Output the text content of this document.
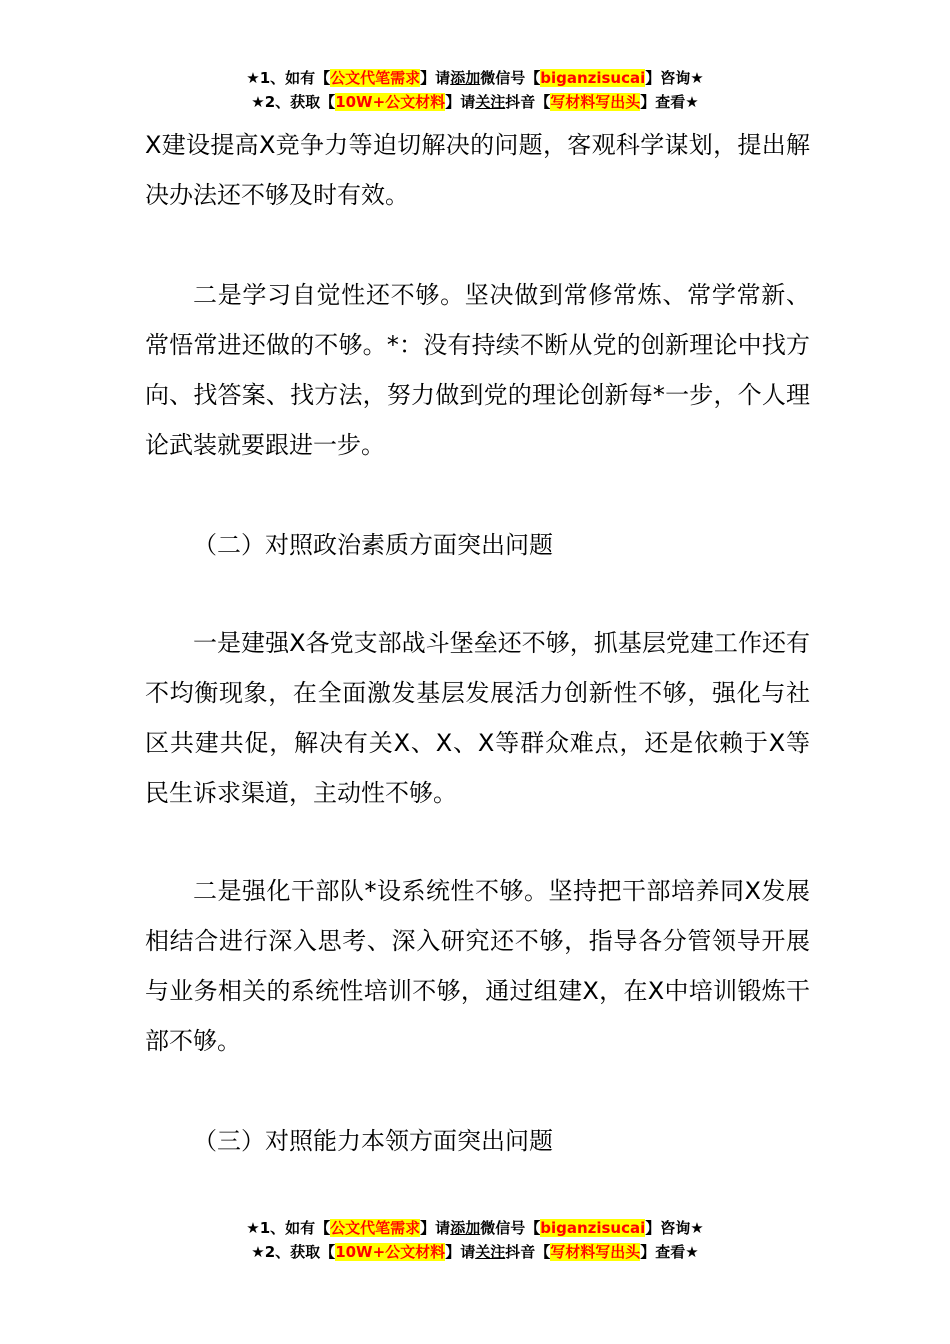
★1、如有【公文代笔需求】请添加微信号【biganzisucai】咨询★
★2、获取【10W+公文材料】请关注抖音【写材料写出头】查看★

X建设提高X竞争力等迫切解决的问题，客观科学谋划，提出解决办法还不够及时有效。

二是学习自觉性还不够。坚决做到常修常炼、常学常新、常悟常进还做的不够。*：没有持续不断从党的创新理论中找方向、找答案、找方法，努力做到党的理论创新每*一步，个人理论武装就要跟进一步。

（二）对照政治素质方面突出问题

一是建强X各党支部战斗堡垒还不够，抓基层党建工作还有不均衡现象，在全面激发基层发展活力创新性不够，强化与社区共建共促，解决有关X、X、X等群众难点，还是依赖于X等民生诉求渠道，主动性不够。

二是强化干部队*设系统性不够。坚持把干部培养同X发展相结合进行深入思考、深入研究还不够，指导各分管领导开展与业务相关的系统性培训不够，通过组建X，在X中培训锻炼干部不够。

（三）对照能力本领方面突出问题

★1、如有【公文代笔需求】请添加微信号【biganzisucai】咨询★
★2、获取【10W+公文材料】请关注抖音【写材料写出头】查看★
